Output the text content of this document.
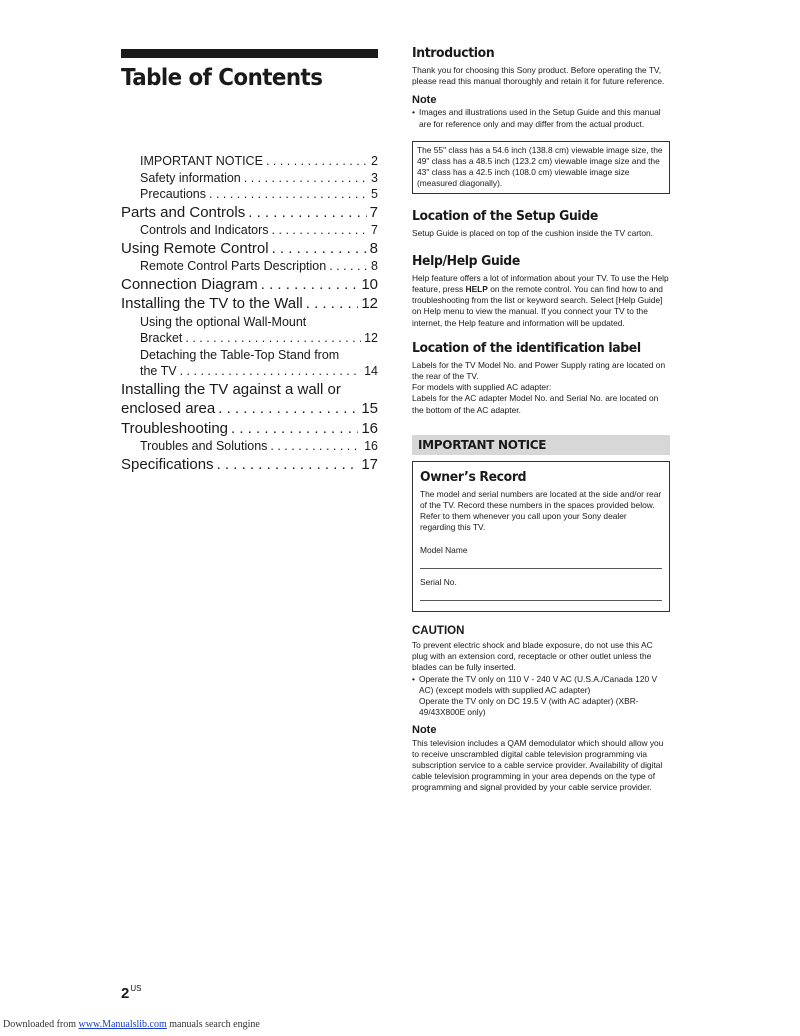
Table of Contents
IMPORTANT NOTICE . . .	2
Safety information . . .	3
Precautions . . .	5
Parts and Controls . . .	7
Controls and Indicators . . .	7
Using Remote Control . . .	8
Remote Control Parts Description . . .	8
Connection Diagram . . .	10
Installing the TV to the Wall . . .	12
Using the optional Wall-Mount
Bracket . . .	12
Detaching the Table-Top Stand from
the TV . . .	14
Installing the TV against a wall or
enclosed area . . .	15
Troubleshooting . . .	16
Troubles and Solutions . . .	16
Specifications . . .	17
Introduction
Thank you for choosing this Sony product. Before operating the TV, please read this manual thoroughly and retain it for future reference.
Note
• Images and illustrations used in the Setup Guide and this manual are for reference only and may differ from the actual product.
The 55" class has a 54.6 inch (138.8 cm) viewable image size, the 49" class has a 48.5 inch (123.2 cm) viewable image size and the 43" class has a 42.5 inch (108.0 cm) viewable image size (measured diagonally).
Location of the Setup Guide
Setup Guide is placed on top of the cushion inside the TV carton.
Help/Help Guide
Help feature offers a lot of information about your TV. To use the Help feature, press HELP on the remote control. You can find how to and troubleshooting from the list or keyword search. Select [Help Guide] on Help menu to view the manual. If you connect your TV to the internet, the Help feature and information will be updated.
Location of the identification label
Labels for the TV Model No. and Power Supply rating are located on the rear of the TV.
For models with supplied AC adapter:
Labels for the AC adapter Model No. and Serial No. are located on the bottom of the AC adapter.
IMPORTANT NOTICE
Owner’s Record
The model and serial numbers are located at the side and/or rear of the TV. Record these numbers in the spaces provided below. Refer to them whenever you call upon your Sony dealer regarding this TV.
Model Name
Serial No.
CAUTION
To prevent electric shock and blade exposure, do not use this AC plug with an extension cord, receptacle or other outlet unless the blades can be fully inserted.
• Operate the TV only on 110 V - 240 V AC (U.S.A./Canada 120 V AC) (except models with supplied AC adapter)
Operate the TV only on DC 19.5 V (with AC adapter) (XBR-49/43X800E only)
Note
This television includes a QAM demodulator which should allow you to receive unscrambled digital cable television programming via subscription service to a cable service provider. Availability of digital cable television programming in your area depends on the type of programming and signal provided by your cable service provider.
$2^{US}$
Downloaded from www.Manualslib.com manuals search engine
